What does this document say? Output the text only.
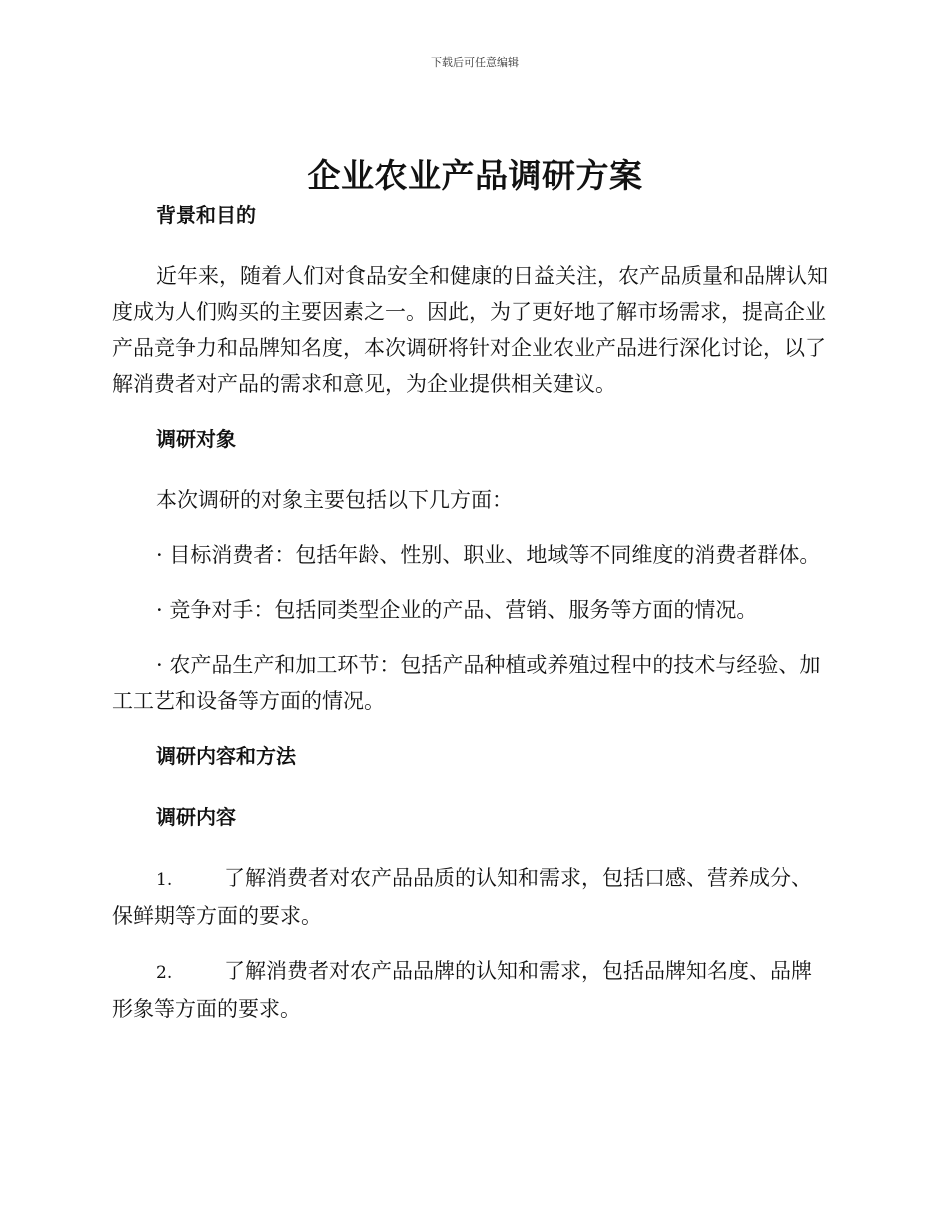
下载后可任意编辑
企业农业产品调研方案

背景和目的

近年来，随着人们对食品安全和健康的日益关注，农产品质量和品牌认知度成为人们购买的主要因素之一。因此，为了更好地了解市场需求，提高企业产品竞争力和品牌知名度，本次调研将针对企业农业产品进行深化讨论，以了解消费者对产品的需求和意见，为企业提供相关建议。

调研对象

本次调研的对象主要包括以下几方面：

· 目标消费者：包括年龄、性别、职业、地域等不同维度的消费者群体。

· 竞争对手：包括同类型企业的产品、营销、服务等方面的情况。

· 农产品生产和加工环节：包括产品种植或养殖过程中的技术与经验、加工工艺和设备等方面的情况。

调研内容和方法

调研内容

1. 了解消费者对农产品品质的认知和需求，包括口感、营养成分、保鲜期等方面的要求。

2. 了解消费者对农产品品牌的认知和需求，包括品牌知名度、品牌形象等方面的要求。
